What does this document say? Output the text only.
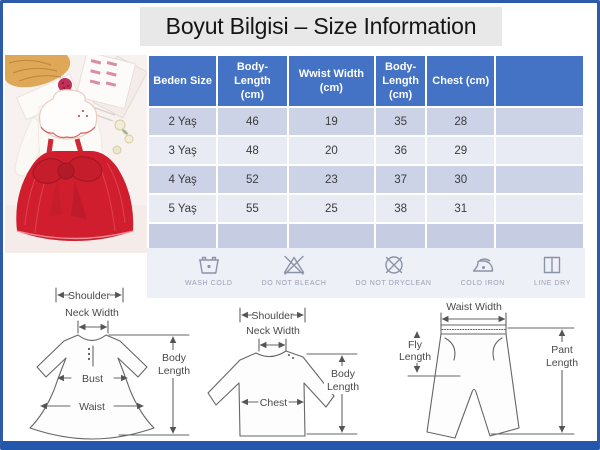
Boyut Bilgisi – Size Information
Beden Size	Body-Length (cm)	Wwist Width (cm)	Body-Length (cm)	Chest (cm)	
2 Yaş	46	19	35	28	
3 Yaş	48	20	36	29	
4 Yaş	52	23	37	30	
5 Yaş	55	25	38	31	

WASH COLD	DO NOT BLEACH	DO NOT DRYCLEAN	COLD IRON	LINE DRY
Shoulder
Neck Width
Bust
Waist
Body
Length
Shoulder
Neck Width
Chest
Body
Length
Waist Width
Fly
Length
Pant
Length
